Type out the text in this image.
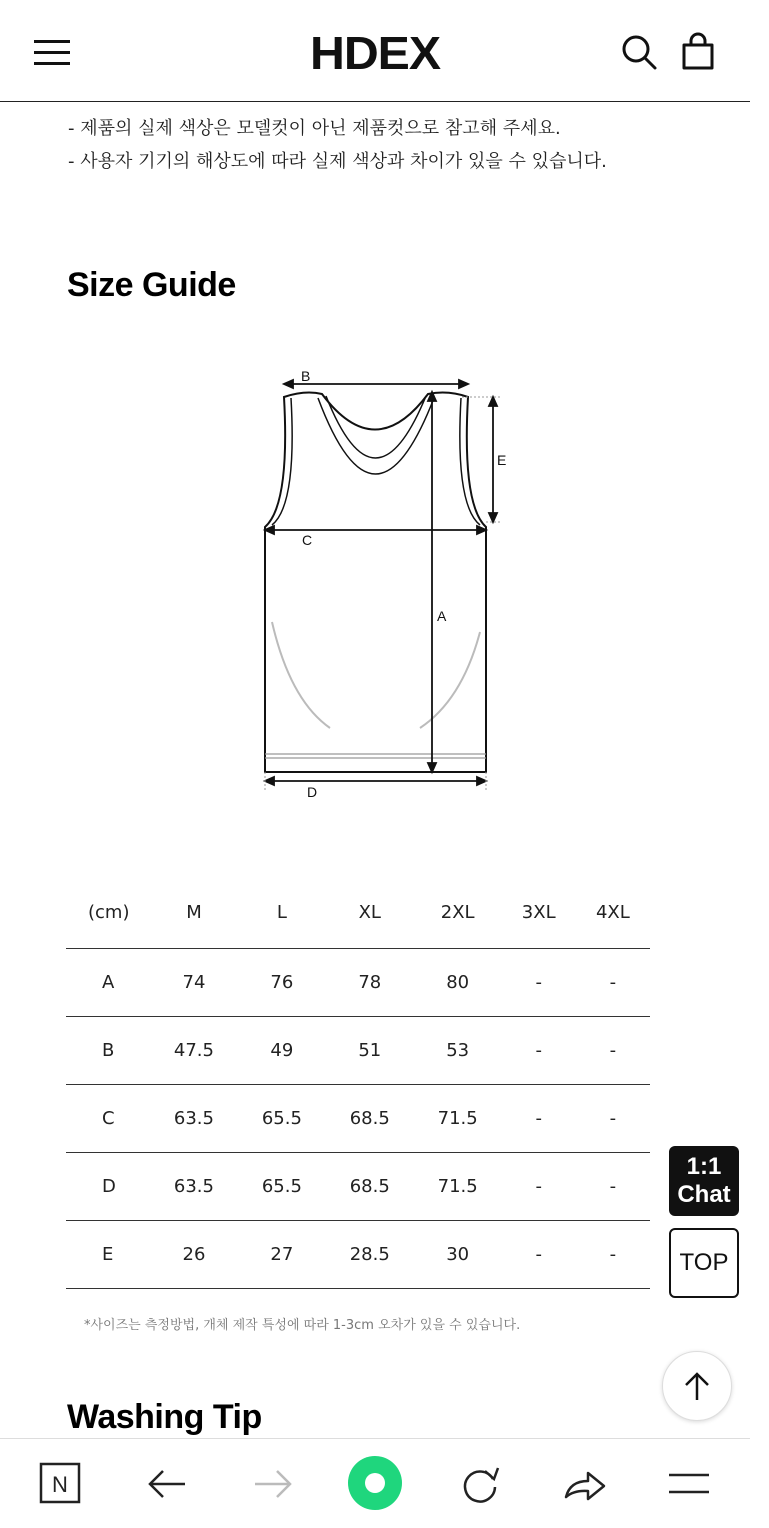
HDEX
- 제품의 실제 색상은 모델컷이 아닌 제품컷으로 참고해 주세요.
- 사용자 기기의 해상도에 따라 실제 색상과 차이가 있을 수 있습니다.
Size Guide
B
E
C
A
D
(cm)	M	L	XL	2XL	3XL	4XL
A	74	76	78	80	-	-
B	47.5	49	51	53	-	-
C	63.5	65.5	68.5	71.5	-	-
D	63.5	65.5	68.5	71.5	-	-
E	26	27	28.5	30	-	-
*사이즈는 측정방법, 개체 제작 특성에 따라 1-3cm 오차가 있을 수 있습니다.
Washing Tip
1:1
Chat
TOP
N
